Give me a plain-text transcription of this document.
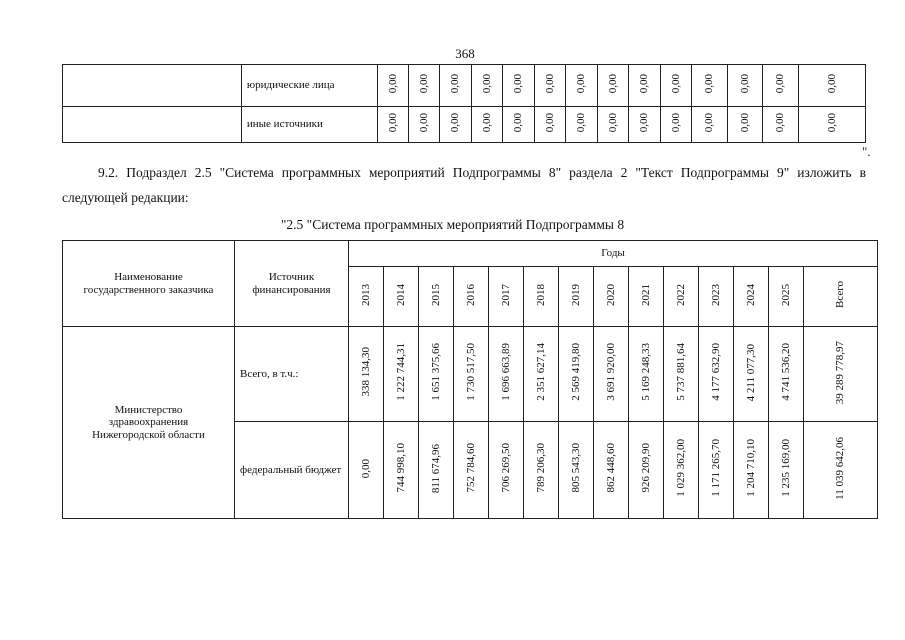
368
	юридические лица	0,00	0,00	0,00	0,00	0,00	0,00	0,00	0,00	0,00	0,00	0,00	0,00	0,00	0,00
	иные источники	0,00	0,00	0,00	0,00	0,00	0,00	0,00	0,00	0,00	0,00	0,00	0,00	0,00	0,00
".
9.2. Подраздел 2.5 "Система программных мероприятий Подпрограммы 8" раздела 2 "Текст Подпрограммы 9" изложить в следующей редакции:
"2.5 "Система программных мероприятий Подпрограммы 8
Наименование государственного заказчика	Источник финансирования	Годы													
		2013	2014	2015	2016	2017	2018	2019	2020	2021	2022	2023	2024	2025	Всего

Министерство здравоохранения Нижегородской области	Всего, в т.ч.:	338 134,30	1 222 744,31	1 651 375,66	1 730 517,50	1 696 663,89	2 351 627,14	2 569 419,80	3 691 920,00	5 169 248,33	5 737 881,64	4 177 632,90	4 211 077,30	4 741 536,20	39 289 778,97
	федеральный бюджет	0,00	744 998,10	811 674,96	752 784,60	706 269,50	789 206,30	805 543,30	862 448,60	926 209,90	1 029 362,00	1 171 265,70	1 204 710,10	1 235 169,00	11 039 642,06
